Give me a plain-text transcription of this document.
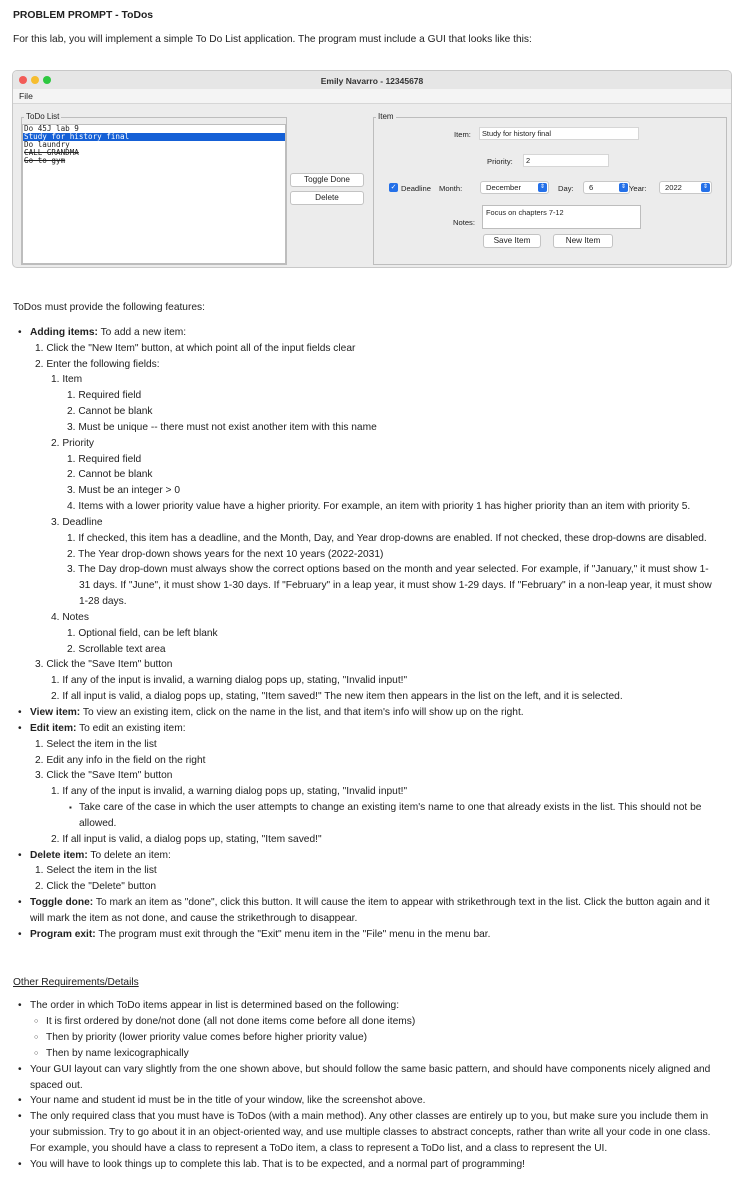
PROBLEM PROMPT - ToDos
For this lab, you will implement a simple To Do List application. The program must include a GUI that looks like this:
Emily Navarro - 12345678
File
ToDo List
Do 45J lab 9
Study for history final
Do laundry
CALL GRANDMA
Go to gym
Toggle Done
Delete
Item
Item:	Study for history final
Priority:	2
✓ Deadline Month:	December	⇕ Day:	6	⇕ Year:	2022	⇕
Notes:
Focus on chapters 7-12
Save Item	New Item
ToDos must provide the following features:
• Adding items: To add a new item:
1. Click the "New Item" button, at which point all of the input fields clear
2. Enter the following fields:
1. Item
1. Required field
2. Cannot be blank
3. Must be unique -- there must not exist another item with this name
2. Priority
1. Required field
2. Cannot be blank
3. Must be an integer > 0
4. Items with a lower priority value have a higher priority. For example, an item with priority 1 has higher priority than an item with priority 5.
3. Deadline
1. If checked, this item has a deadline, and the Month, Day, and Year drop-downs are enabled. If not checked, these drop-downs are disabled.
2. The Year drop-down shows years for the next 10 years (2022-2031)
3. The Day drop-down must always show the correct options based on the month and year selected. For example, if "January," it must show 1-
31 days. If "June", it must show 1-30 days. If "February" in a leap year, it must show 1-29 days. If "February" in a non-leap year, it must show
1-28 days.
4. Notes
1. Optional field, can be left blank
2. Scrollable text area
3. Click the "Save Item" button
1. If any of the input is invalid, a warning dialog pops up, stating, "Invalid input!"
2. If all input is valid, a dialog pops up, stating, "Item saved!" The new item then appears in the list on the left, and it is selected.
• View item: To view an existing item, click on the name in the list, and that item's info will show up on the right.
• Edit item: To edit an existing item:
1. Select the item in the list
2. Edit any info in the field on the right
3. Click the "Save Item" button
1. If any of the input is invalid, a warning dialog pops up, stating, "Invalid input!"
▪ Take care of the case in which the user attempts to change an existing item's name to one that already exists in the list. This should not be
allowed.
2. If all input is valid, a dialog pops up, stating, "Item saved!"
• Delete item: To delete an item:
1. Select the item in the list
2. Click the "Delete" button
• Toggle done: To mark an item as "done", click this button. It will cause the item to appear with strikethrough text in the list. Click the button again and it
will mark the item as not done, and cause the strikethrough to disappear.
• Program exit: The program must exit through the "Exit" menu item in the "File" menu in the menu bar.
Other Requirements/Details
• The order in which ToDo items appear in list is determined based on the following:
○ It is first ordered by done/not done (all not done items come before all done items)
○ Then by priority (lower priority value comes before higher priority value)
○ Then by name lexicographically
• Your GUI layout can vary slightly from the one shown above, but should follow the same basic pattern, and should have components nicely aligned and
spaced out.
• Your name and student id must be in the title of your window, like the screenshot above.
• The only required class that you must have is ToDos (with a main method). Any other classes are entirely up to you, but make sure you include them in
your submission. Try to go about it in an object-oriented way, and use multiple classes to abstract concepts, rather than write all your code in one class.
For example, you should have a class to represent a ToDo item, a class to represent a ToDo list, and a class to represent the UI.
• You will have to look things up to complete this lab. That is to be expected, and a normal part of programming!
